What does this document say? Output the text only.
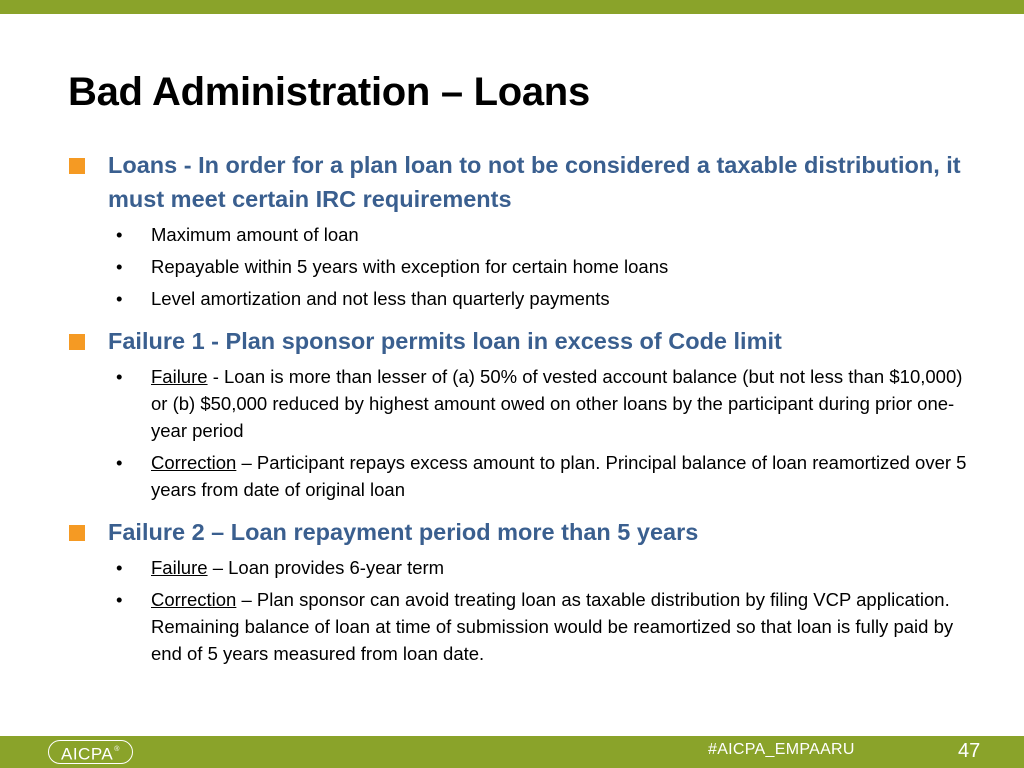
Bad Administration – Loans
Loans - In order for a plan loan to not be considered a taxable distribution, it must meet certain IRC requirements
• Maximum amount of loan
• Repayable within 5 years with exception for certain home loans
• Level amortization and not less than quarterly payments
Failure 1 - Plan sponsor permits loan in excess of Code limit
• Failure - Loan is more than lesser of (a) 50% of vested account balance (but not less than $10,000) or (b) $50,000 reduced by highest amount owed on other loans by the participant during prior one-year period
• Correction – Participant repays excess amount to plan. Principal balance of loan reamortized over 5 years from date of original loan
Failure 2 – Loan repayment period more than 5 years
• Failure – Loan provides 6-year term
• Correction – Plan sponsor can avoid treating loan as taxable distribution by filing VCP application. Remaining balance of loan at time of submission would be reamortized so that loan is fully paid by end of 5 years measured from loan date.
AICPA®	#AICPA_EMPAARU	47
